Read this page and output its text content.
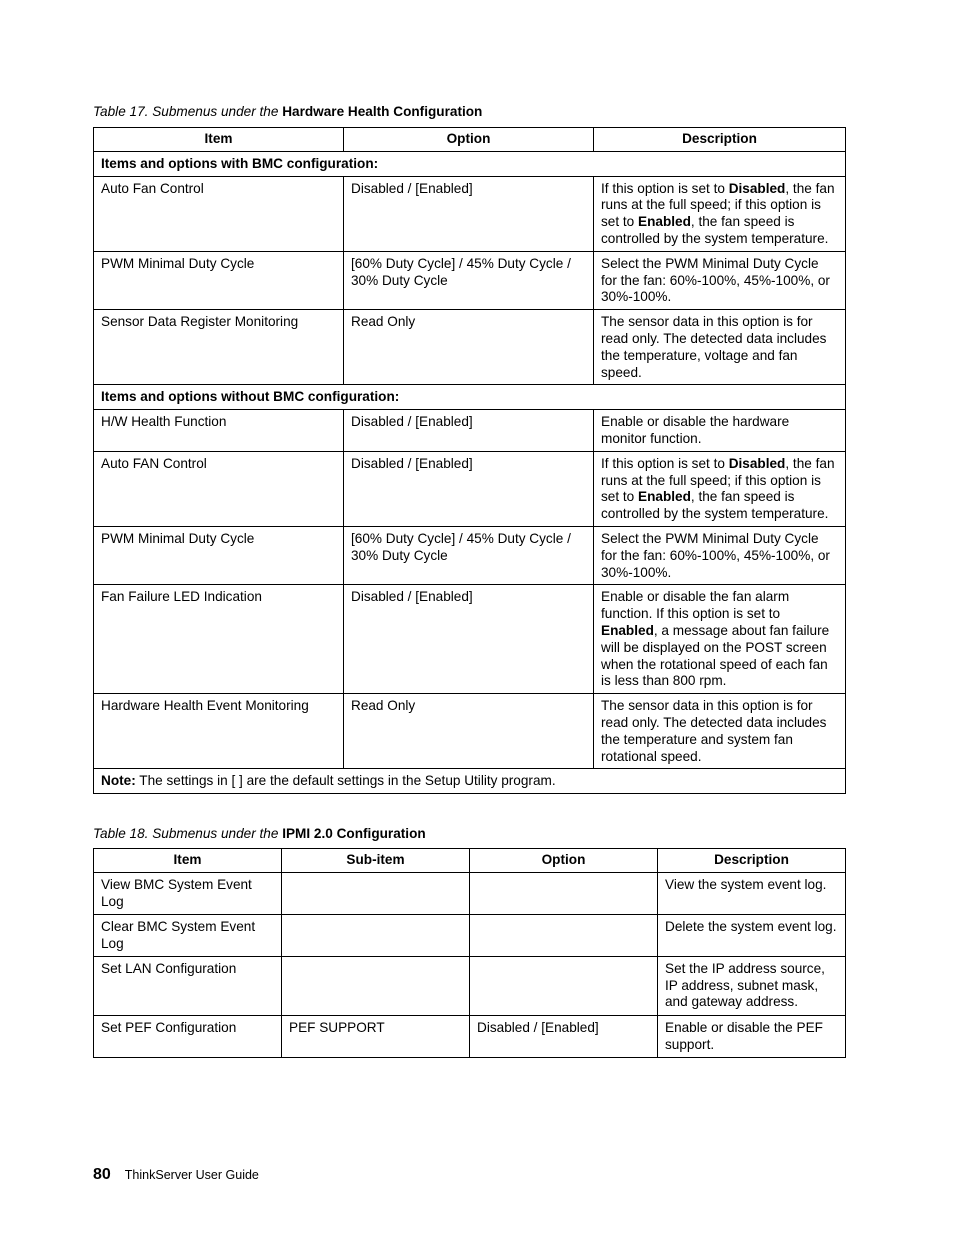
Table 17. Submenus under the Hardware Health Configuration
Item	Option	Description
Items and options with BMC configuration:		
Auto Fan Control	Disabled / [Enabled]	If this option is set to Disabled, the fan runs at the full speed; if this option is set to Enabled, the fan speed is controlled by the system temperature.
PWM Minimal Duty Cycle	[60% Duty Cycle] / 45% Duty Cycle / 30% Duty Cycle	Select the PWM Minimal Duty Cycle for the fan: 60%-100%, 45%-100%, or 30%-100%.
Sensor Data Register Monitoring	Read Only	The sensor data in this option is for read only. The detected data includes the temperature, voltage and fan speed.
Items and options without BMC configuration:		
H/W Health Function	Disabled / [Enabled]	Enable or disable the hardware monitor function.
Auto FAN Control	Disabled / [Enabled]	If this option is set to Disabled, the fan runs at the full speed; if this option is set to Enabled, the fan speed is controlled by the system temperature.
PWM Minimal Duty Cycle	[60% Duty Cycle] / 45% Duty Cycle / 30% Duty Cycle	Select the PWM Minimal Duty Cycle for the fan: 60%-100%, 45%-100%, or 30%-100%.
Fan Failure LED Indication	Disabled / [Enabled]	Enable or disable the fan alarm function. If this option is set to Enabled, a message about fan failure will be displayed on the POST screen when the rotational speed of each fan is less than 800 rpm.
Hardware Health Event Monitoring	Read Only	The sensor data in this option is for read only. The detected data includes the temperature and system fan rotational speed.
Note: The settings in [ ] are the default settings in the Setup Utility program.		
Table 18. Submenus under the IPMI 2.0 Configuration
Item	Sub-item	Option	Description
View BMC System Event Log			View the system event log.
Clear BMC System Event Log			Delete the system event log.
Set LAN Configuration			Set the IP address source, IP address, subnet mask, and gateway address.
Set PEF Configuration	PEF SUPPORT	Disabled / [Enabled]	Enable or disable the PEF support.
80 ThinkServer User Guide
